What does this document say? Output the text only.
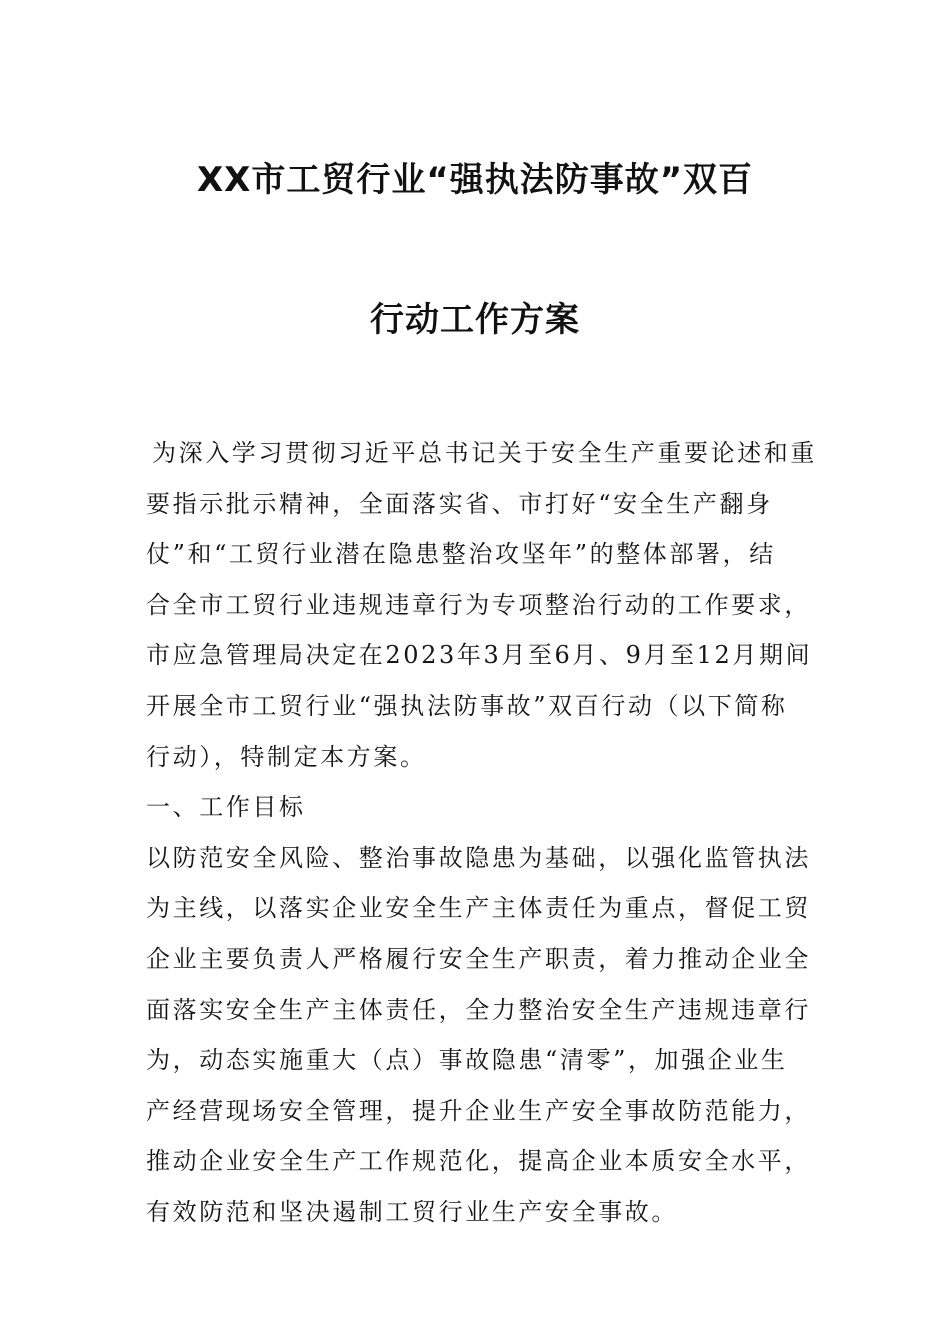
XX市工贸行业“强执法防事故”双百
行动工作方案
为深入学习贯彻习近平总书记关于安全生产重要论述和重
要指示批示精神，全面落实省、市打好“安全生产翻身
仗”和“工贸行业潜在隐患整治攻坚年”的整体部署，结
合全市工贸行业违规违章行为专项整治行动的工作要求，
市应急管理局决定在2023年3月至6月、9月至12月期间
开展全市工贸行业“强执法防事故”双百行动（以下简称
行动），特制定本方案。
一、工作目标
以防范安全风险、整治事故隐患为基础，以强化监管执法
为主线，以落实企业安全生产主体责任为重点，督促工贸
企业主要负责人严格履行安全生产职责，着力推动企业全
面落实安全生产主体责任，全力整治安全生产违规违章行
为，动态实施重大（点）事故隐患“清零”，加强企业生
产经营现场安全管理，提升企业生产安全事故防范能力，
推动企业安全生产工作规范化，提高企业本质安全水平，
有效防范和坚决遏制工贸行业生产安全事故。
